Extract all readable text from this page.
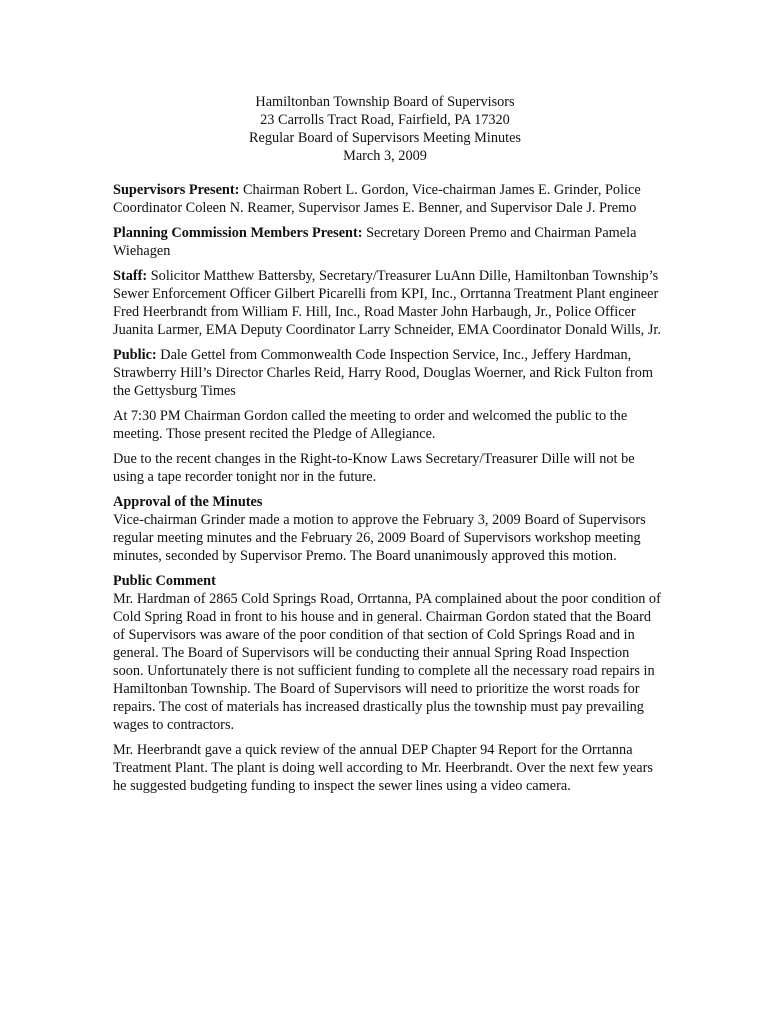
Hamiltonban Township Board of Supervisors
23 Carrolls Tract Road, Fairfield, PA 17320
Regular Board of Supervisors Meeting Minutes
March 3, 2009

Supervisors Present: Chairman Robert L. Gordon, Vice-chairman James E. Grinder, Police Coordinator Coleen N. Reamer, Supervisor James E. Benner, and Supervisor Dale J. Premo

Planning Commission Members Present: Secretary Doreen Premo and Chairman Pamela Wiehagen

Staff: Solicitor Matthew Battersby, Secretary/Treasurer LuAnn Dille, Hamiltonban Township’s Sewer Enforcement Officer Gilbert Picarelli from KPI, Inc., Orrtanna Treatment Plant engineer Fred Heerbrandt from William F. Hill, Inc., Road Master John Harbaugh, Jr., Police Officer Juanita Larmer, EMA Deputy Coordinator Larry Schneider, EMA Coordinator Donald Wills, Jr.

Public: Dale Gettel from Commonwealth Code Inspection Service, Inc., Jeffery Hardman, Strawberry Hill’s Director Charles Reid, Harry Rood, Douglas Woerner, and Rick Fulton from the Gettysburg Times

At 7:30 PM Chairman Gordon called the meeting to order and welcomed the public to the meeting. Those present recited the Pledge of Allegiance.

Due to the recent changes in the Right-to-Know Laws Secretary/Treasurer Dille will not be using a tape recorder tonight nor in the future.

Approval of the Minutes
Vice-chairman Grinder made a motion to approve the February 3, 2009 Board of Supervisors regular meeting minutes and the February 26, 2009 Board of Supervisors workshop meeting minutes, seconded by Supervisor Premo. The Board unanimously approved this motion.

Public Comment
Mr. Hardman of 2865 Cold Springs Road, Orrtanna, PA complained about the poor condition of Cold Spring Road in front to his house and in general. Chairman Gordon stated that the Board of Supervisors was aware of the poor condition of that section of Cold Springs Road and in general. The Board of Supervisors will be conducting their annual Spring Road Inspection soon. Unfortunately there is not sufficient funding to complete all the necessary road repairs in Hamiltonban Township. The Board of Supervisors will need to prioritize the worst roads for repairs. The cost of materials has increased drastically plus the township must pay prevailing wages to contractors.

Mr. Heerbrandt gave a quick review of the annual DEP Chapter 94 Report for the Orrtanna Treatment Plant. The plant is doing well according to Mr. Heerbrandt. Over the next few years he suggested budgeting funding to inspect the sewer lines using a video camera.
